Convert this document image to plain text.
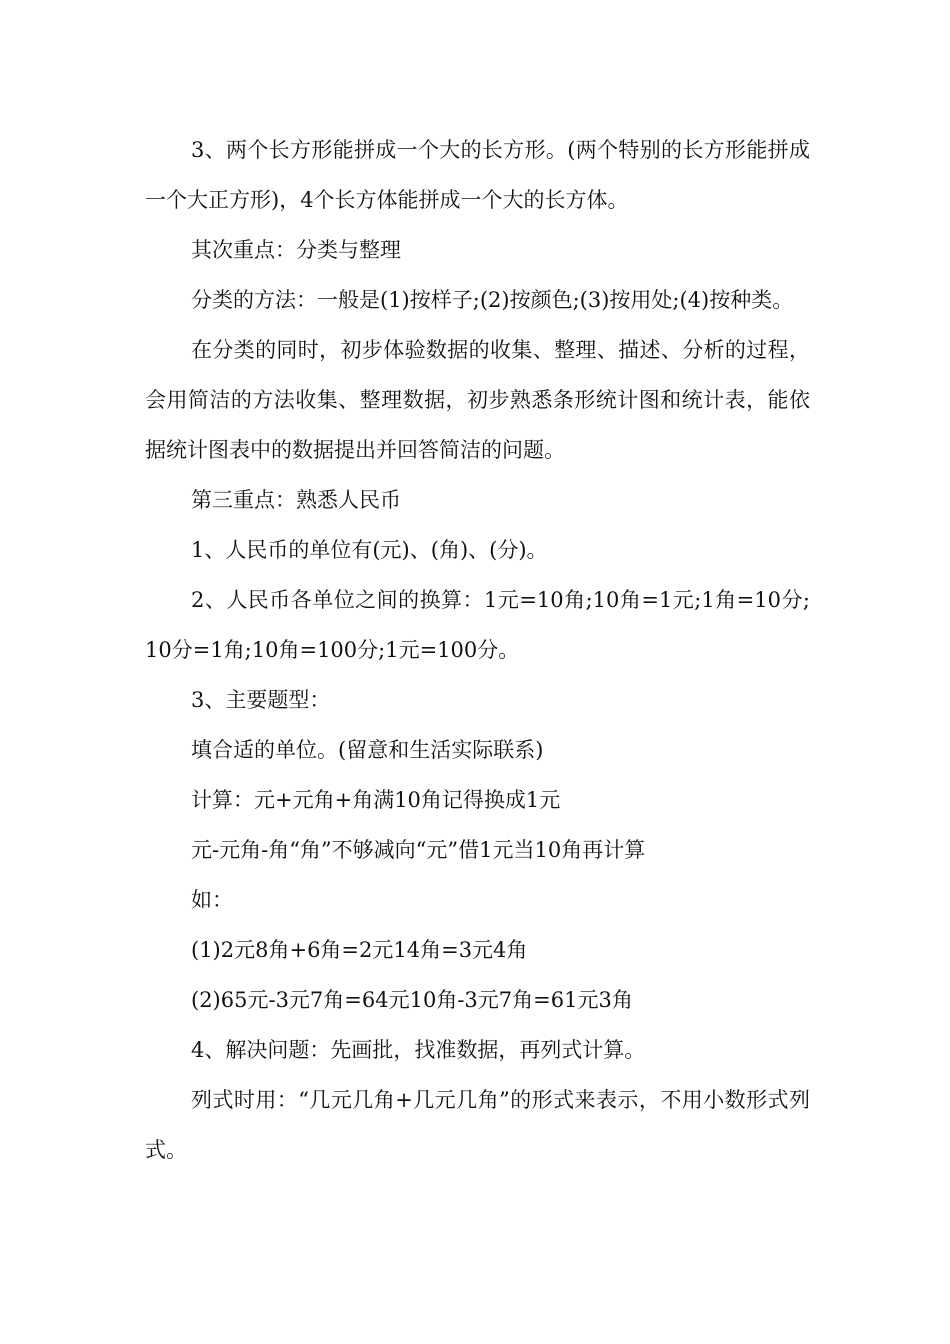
3、两个长方形能拼成一个大的长方形。(两个特别的长方形能拼成一个大正方形)，4个长方体能拼成一个大的长方体。

其次重点：分类与整理

分类的方法：一般是(1)按样子;(2)按颜色;(3)按用处;(4)按种类。

在分类的同时，初步体验数据的收集、整理、描述、分析的过程，会用简洁的方法收集、整理数据，初步熟悉条形统计图和统计表，能依据统计图表中的数据提出并回答简洁的问题。

第三重点：熟悉人民币

1、人民币的单位有(元)、(角)、(分)。

2、人民币各单位之间的换算：1元=10角;10角=1元;1角=10分;10分=1角;10角=100分;1元=100分。

3、主要题型：

填合适的单位。(留意和生活实际联系)

计算：元+元角+角满10角记得换成1元

元-元角-角“角”不够减向“元”借1元当10角再计算

如：

(1)2元8角+6角=2元14角=3元4角

(2)65元-3元7角=64元10角-3元7角=61元3角

4、解决问题：先画批，找准数据，再列式计算。

列式时用：“几元几角+几元几角”的形式来表示，不用小数形式列式。
